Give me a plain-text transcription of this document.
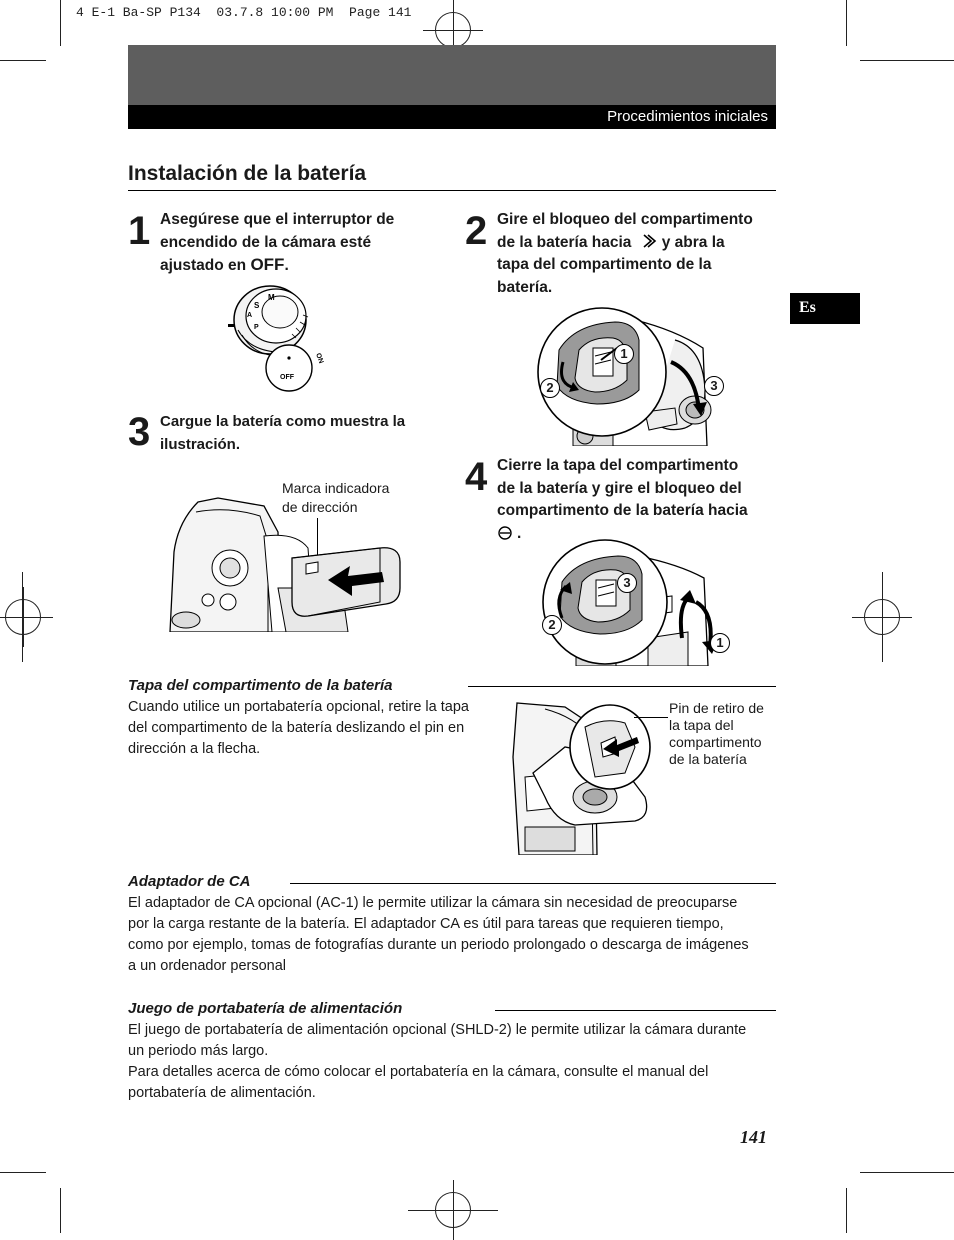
4 E-1 Ba-SP P134  03.7.8 10:00 PM  Page 141
Procedimientos iniciales
Es
Instalación de la batería
1 Asegúrese que el interruptor de
encendido de la cámara esté
ajustado en OFF.
S
M
A
P
ON
OFF
2 Gire el bloqueo del compartimento
de la batería hacia y abra la
tapa del compartimento de la
batería.
1
2	3
3 Cargue la batería como muestra la
ilustración.
Marca indicadora
de dirección
4 Cierre la tapa del compartimento
de la batería y gire el bloqueo del
compartimento de la batería hacia
.
3
2
1
Tapa del compartimento de la batería
Cuando utilice un portabatería opcional, retire la tapa
del compartimento de la batería deslizando el pin en
dirección a la flecha.
Pin de retiro de
la tapa del
compartimento
de la batería
Adaptador de CA
El adaptador de CA opcional (AC-1) le permite utilizar la cámara sin necesidad de preocuparse
por la carga restante de la batería. El adaptador CA es útil para tareas que requieren tiempo,
como por ejemplo, tomas de fotografías durante un periodo prolongado o descarga de imágenes
a un ordenador personal
Juego de portabatería de alimentación
El juego de portabatería de alimentación opcional (SHLD-2) le permite utilizar la cámara durante
un periodo más largo.
Para detalles acerca de cómo colocar el portabatería en la cámara, consulte el manual del
portabatería de alimentación.
141
